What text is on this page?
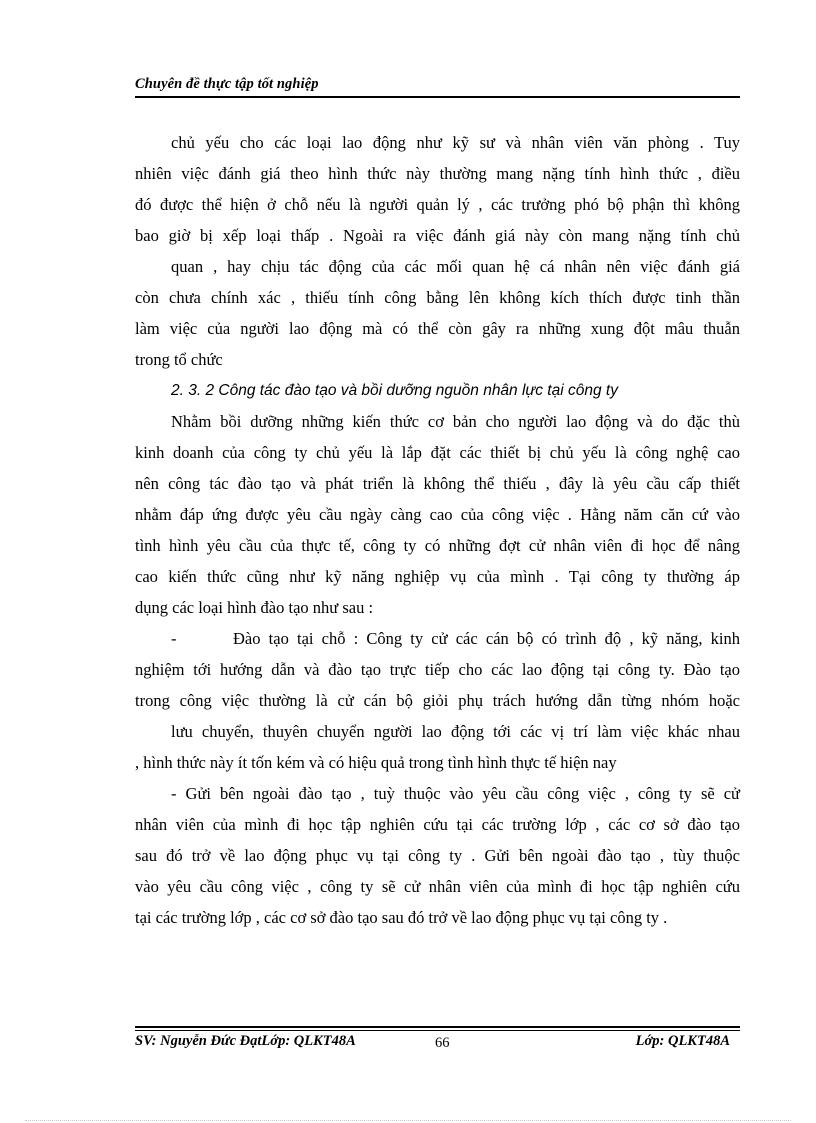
Chuyên đề thực tập tốt nghiệp
chủ yếu cho các loại lao động như kỹ sư và nhân viên văn phòng . Tuy
nhiên việc đánh giá theo hình thức này thường mang nặng tính hình thức , điều
đó được thể hiện ở chỗ nếu là người quản lý , các trưởng phó bộ phận thì không
bao giờ bị xếp loại thấp . Ngoài ra việc đánh giá này còn mang nặng tính chủ
quan , hay chịu tác động của các mối quan hệ cá nhân nên việc đánh giá
còn chưa chính xác , thiếu tính công bằng lên không kích thích được tinh thần
làm việc của người lao động mà có thể còn gây ra những xung đột mâu thuẫn
trong tổ chức
2. 3. 2 Công tác đào tạo và bồi dưỡng nguồn nhân lực tại công ty
Nhằm bồi dưỡng những kiến thức cơ bản cho người lao động và do đặc thù
kinh doanh của công ty chủ yếu là lắp đặt các thiết bị chủ yếu là công nghệ cao
nên công tác đào tạo và phát triển là không thể thiếu , đây là yêu cầu cấp thiết
nhằm đáp ứng được yêu cầu ngày càng cao của công việc . Hằng năm căn cứ vào
tình hình yêu cầu của thực tế, công ty có những đợt cử nhân viên đi học để nâng
cao kiến thức cũng như kỹ năng nghiệp vụ của mình . Tại công ty thường áp
dụng các loại hình đào tạo như sau :
-	Đào tạo tại chỗ : Công ty cử các cán bộ có trình độ , kỹ năng, kinh
nghiệm tới hướng dẫn và đào tạo trực tiếp cho các lao động tại công ty. Đào tạo
trong công việc thường là cử cán bộ giỏi phụ trách hướng dẫn từng nhóm hoặc
lưu chuyển, thuyên chuyển người lao động tới các vị trí làm việc khác nhau
, hình thức này ít tốn kém và có hiệu quả trong tình hình thực tế hiện nay
- Gửi bên ngoài đào tạo , tuỳ thuộc vào yêu cầu công việc , công ty sẽ cử
nhân viên của mình đi học tập nghiên cứu tại các trường lớp , các cơ sở đào tạo
sau đó trở về lao động phục vụ tại công ty . Gửi bên ngoài đào tạo , tùy thuộc
vào yêu cầu công việc , công ty sẽ cử nhân viên của mình đi học tập nghiên cứu
tại các trường lớp , các cơ sở đào tạo sau đó trở về lao động phục vụ tại công ty .
SV: Nguyễn Đức ĐạtLớp: QLKT48A	66	Lớp: QLKT48A
